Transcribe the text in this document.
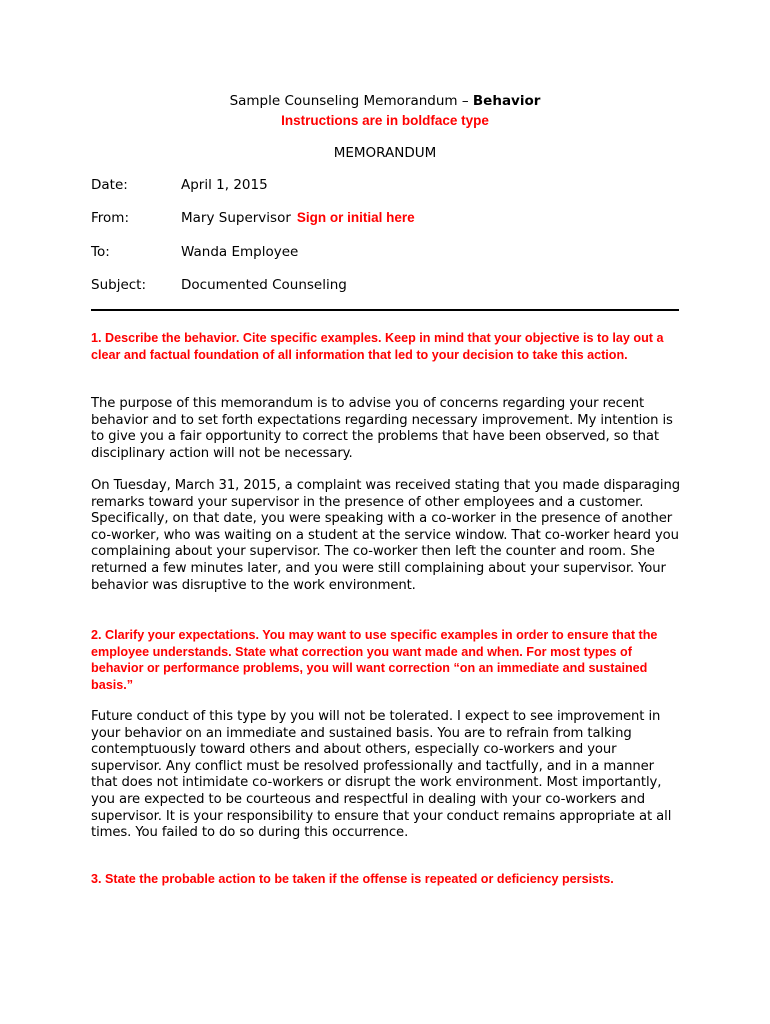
Sample Counseling Memorandum – Behavior
Instructions are in boldface type
MEMORANDUM
Date:	April 1, 2015
From:	Mary Supervisor Sign or initial here
To:	Wanda Employee
Subject:	Documented Counseling
1. Describe the behavior. Cite specific examples. Keep in mind that your objective is to lay out a clear and factual foundation of all information that led to your decision to take this action.
The purpose of this memorandum is to advise you of concerns regarding your recent behavior and to set forth expectations regarding necessary improvement. My intention is to give you a fair opportunity to correct the problems that have been observed, so that disciplinary action will not be necessary.
On Tuesday, March 31, 2015, a complaint was received stating that you made disparaging remarks toward your supervisor in the presence of other employees and a customer. Specifically, on that date, you were speaking with a co-worker in the presence of another co-worker, who was waiting on a student at the service window. That co-worker heard you complaining about your supervisor. The co-worker then left the counter and room. She returned a few minutes later, and you were still complaining about your supervisor. Your behavior was disruptive to the work environment.
2. Clarify your expectations. You may want to use specific examples in order to ensure that the employee understands. State what correction you want made and when. For most types of behavior or performance problems, you will want correction “on an immediate and sustained basis.”
Future conduct of this type by you will not be tolerated. I expect to see improvement in your behavior on an immediate and sustained basis. You are to refrain from talking contemptuously toward others and about others, especially co-workers and your supervisor. Any conflict must be resolved professionally and tactfully, and in a manner that does not intimidate co-workers or disrupt the work environment. Most importantly, you are expected to be courteous and respectful in dealing with your co-workers and supervisor. It is your responsibility to ensure that your conduct remains appropriate at all times. You failed to do so during this occurrence.
3. State the probable action to be taken if the offense is repeated or deficiency persists.
